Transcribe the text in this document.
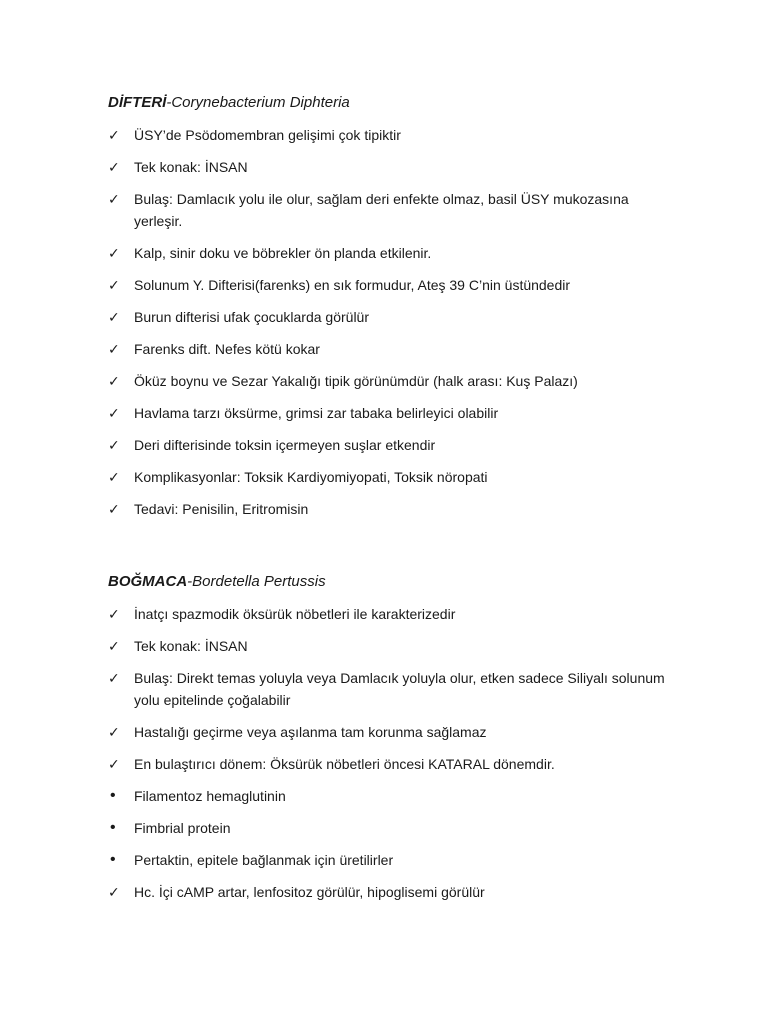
DİFTERİ-Corynebacterium Diphteria

✓	ÜSY’de Psödomembran gelişimi çok tipiktir
✓	Tek konak: İNSAN
✓	Bulaş: Damlacık yolu ile olur, sağlam deri enfekte olmaz, basil ÜSY mukozasına yerleşir.
✓	Kalp, sinir doku ve böbrekler ön planda etkilenir.
✓	Solunum Y. Difterisi(farenks) en sık formudur, Ateş 39 C’nin üstündedir
✓	Burun difterisi ufak çocuklarda görülür
✓	Farenks dift. Nefes kötü kokar
✓	Öküz boynu ve Sezar Yakalığı tipik görünümdür (halk arası: Kuş Palazı)
✓	Havlama tarzı öksürme, grimsi zar tabaka belirleyici olabilir
✓	Deri difterisinde toksin içermeyen suşlar etkendir
✓	Komplikasyonlar: Toksik Kardiyomiyopati, Toksik nöropati
✓	Tedavi: Penisilin, Eritromisin

BOĞMACA-Bordetella Pertussis

✓	İnatçı spazmodik öksürük nöbetleri ile karakterizedir
✓	Tek konak: İNSAN
✓	Bulaş: Direkt temas yoluyla veya Damlacık yoluyla olur, etken sadece Siliyalı solunum yolu epitelinde çoğalabilir
✓	Hastalığı geçirme veya aşılanma tam korunma sağlamaz
✓	En bulaştırıcı dönem: Öksürük nöbetleri öncesi KATARAL dönemdir.
•	Filamentoz hemaglutinin
•	Fimbrial protein
•	Pertaktin, epitele bağlanmak için üretilirler
✓	Hc. İçi cAMP artar, lenfositoz görülür, hipoglisemi görülür
